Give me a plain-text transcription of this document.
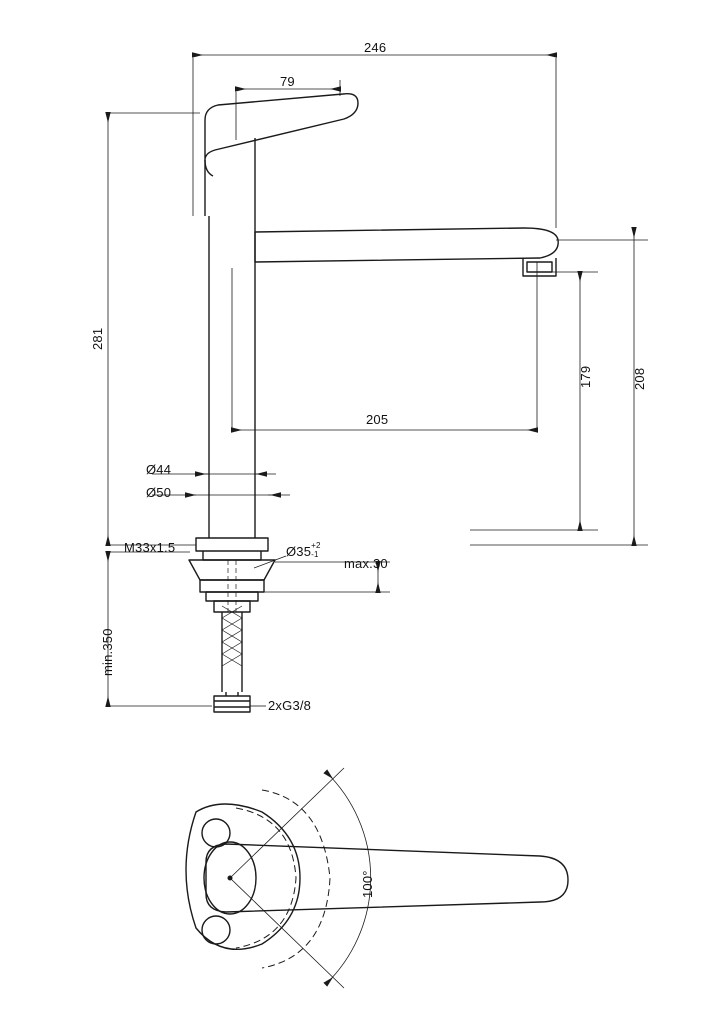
246
79
281
205
179	208
Ø44
Ø50
M33x1.5	Ø35 +2
-1
max.30
min.350
2xG3/8
100°
